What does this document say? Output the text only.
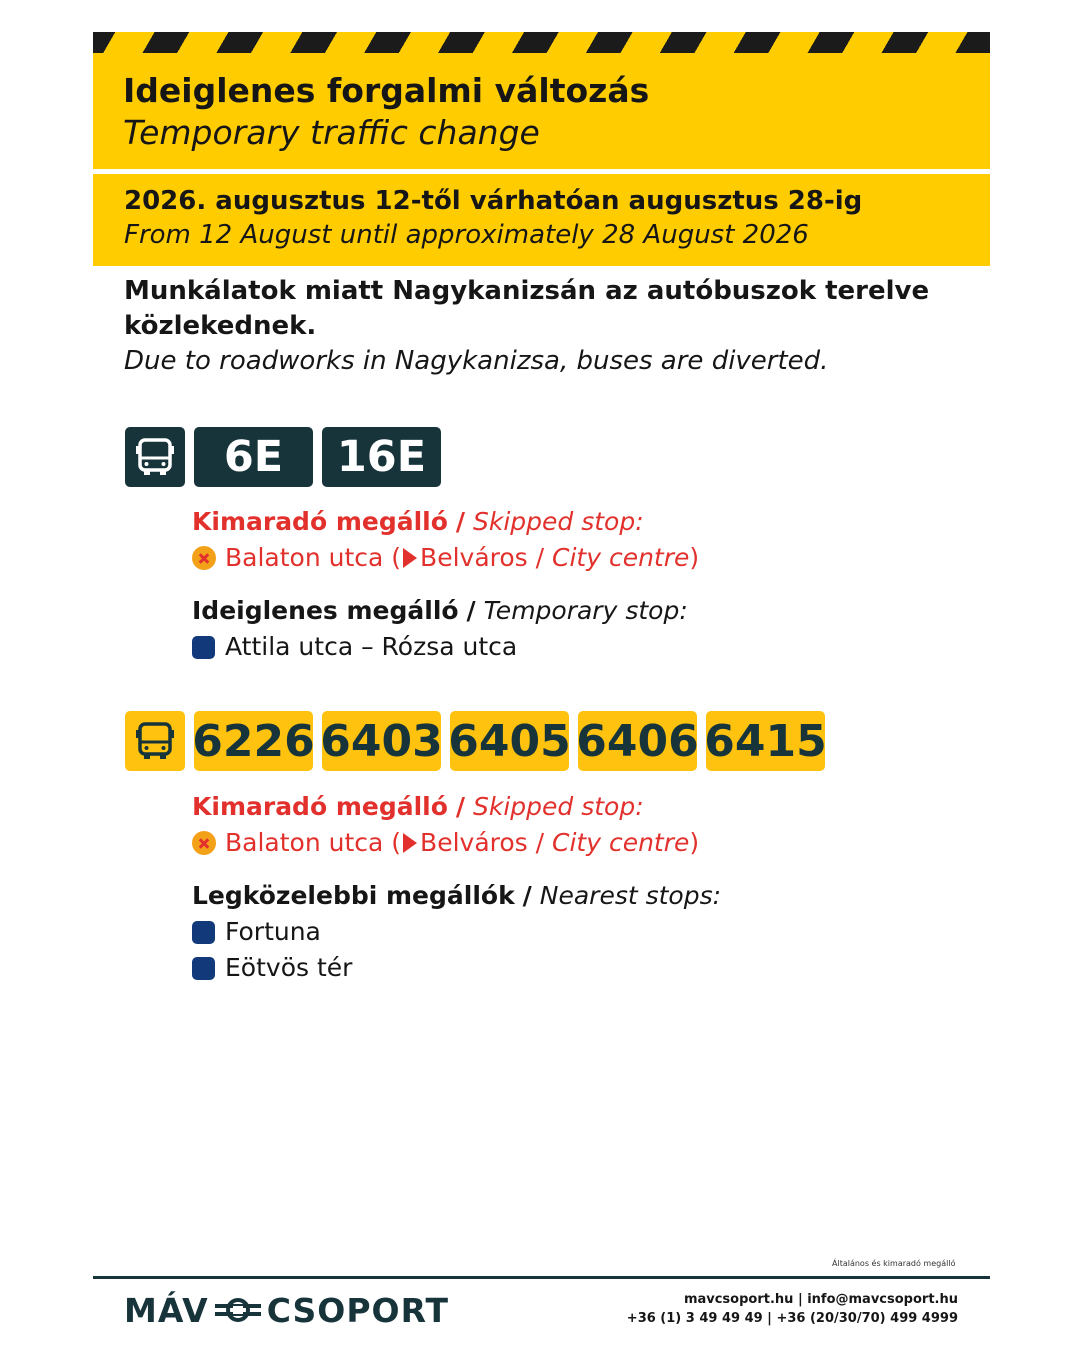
Ideiglenes forgalmi változás
Temporary traffic change
2026. augusztus 12-től várhatóan augusztus 28-ig
From 12 August until approximately 28 August 2026
Munkálatok miatt Nagykanizsán az autóbuszok terelve közlekednek.
Due to roadworks in Nagykanizsa, buses are diverted.
6E	16E
Kimaradó megálló / Skipped stop:
Balaton utca ( Belváros /
City centre )
Ideiglenes megálló / Temporary stop:
Attila utca – Rózsa utca
6226 6403 6405 6406 6415
Kimaradó megálló / Skipped stop:
Balaton utca ( Belváros /
City centre )
Legközelebbi megállók / Nearest stops:
Fortuna
Eötvös tér
Általános és kimaradó megálló
MÁV CSOPORT	mavcsoport.hu | info@mavcsoport.hu
+36 (1) 3 49 49 49 | +36 (20/30/70) 499 4999
